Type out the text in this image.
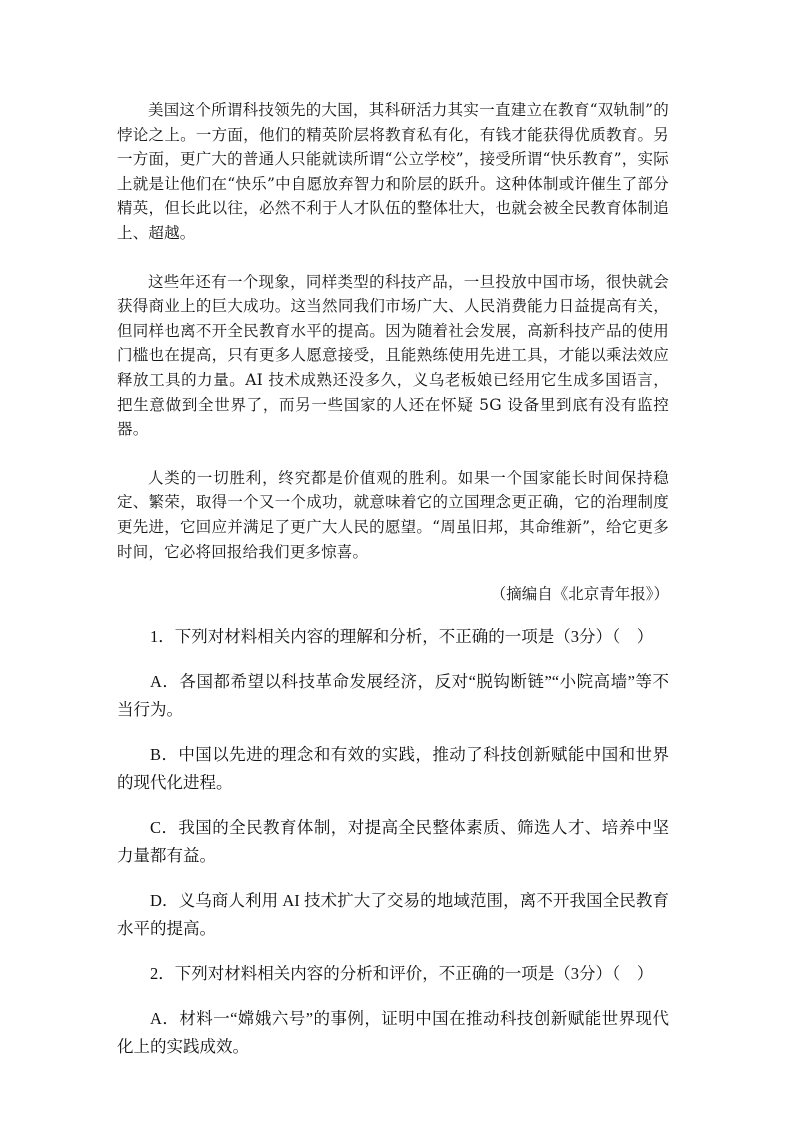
美国这个所谓科技领先的大国，其科研活力其实一直建立在教育“双轨制”的悖论之上。一方面，他们的精英阶层将教育私有化，有钱才能获得优质教育。另一方面，更广大的普通人只能就读所谓“公立学校”，接受所谓“快乐教育”，实际上就是让他们在“快乐”中自愿放弃智力和阶层的跃升。这种体制或许催生了部分精英，但长此以往，必然不利于人才队伍的整体壮大，也就会被全民教育体制追上、超越。

这些年还有一个现象，同样类型的科技产品，一旦投放中国市场，很快就会获得商业上的巨大成功。这当然同我们市场广大、人民消费能力日益提高有关，但同样也离不开全民教育水平的提高。因为随着社会发展，高新科技产品的使用门槛也在提高，只有更多人愿意接受，且能熟练使用先进工具，才能以乘法效应释放工具的力量。AI 技术成熟还没多久，义乌老板娘已经用它生成多国语言，把生意做到全世界了，而另一些国家的人还在怀疑 5G 设备里到底有没有监控器。

人类的一切胜利，终究都是价值观的胜利。如果一个国家能长时间保持稳定、繁荣，取得一个又一个成功，就意味着它的立国理念更正确，它的治理制度更先进，它回应并满足了更广大人民的愿望。“周虽旧邦，其命维新”，给它更多时间，它必将回报给我们更多惊喜。

（摘编自《北京青年报》）

1．下列对材料相关内容的理解和分析，不正确的一项是（3分）（　）

A．各国都希望以科技革命发展经济，反对“脱钩断链”“小院高墙”等不当行为。

B．中国以先进的理念和有效的实践，推动了科技创新赋能中国和世界的现代化进程。

C．我国的全民教育体制，对提高全民整体素质、筛选人才、培养中坚力量都有益。

D．义乌商人利用 AI 技术扩大了交易的地域范围，离不开我国全民教育水平的提高。

2．下列对材料相关内容的分析和评价，不正确的一项是（3分）（　）

A．材料一“嫦娥六号”的事例，证明中国在推动科技创新赋能世界现代化上的实践成效。
